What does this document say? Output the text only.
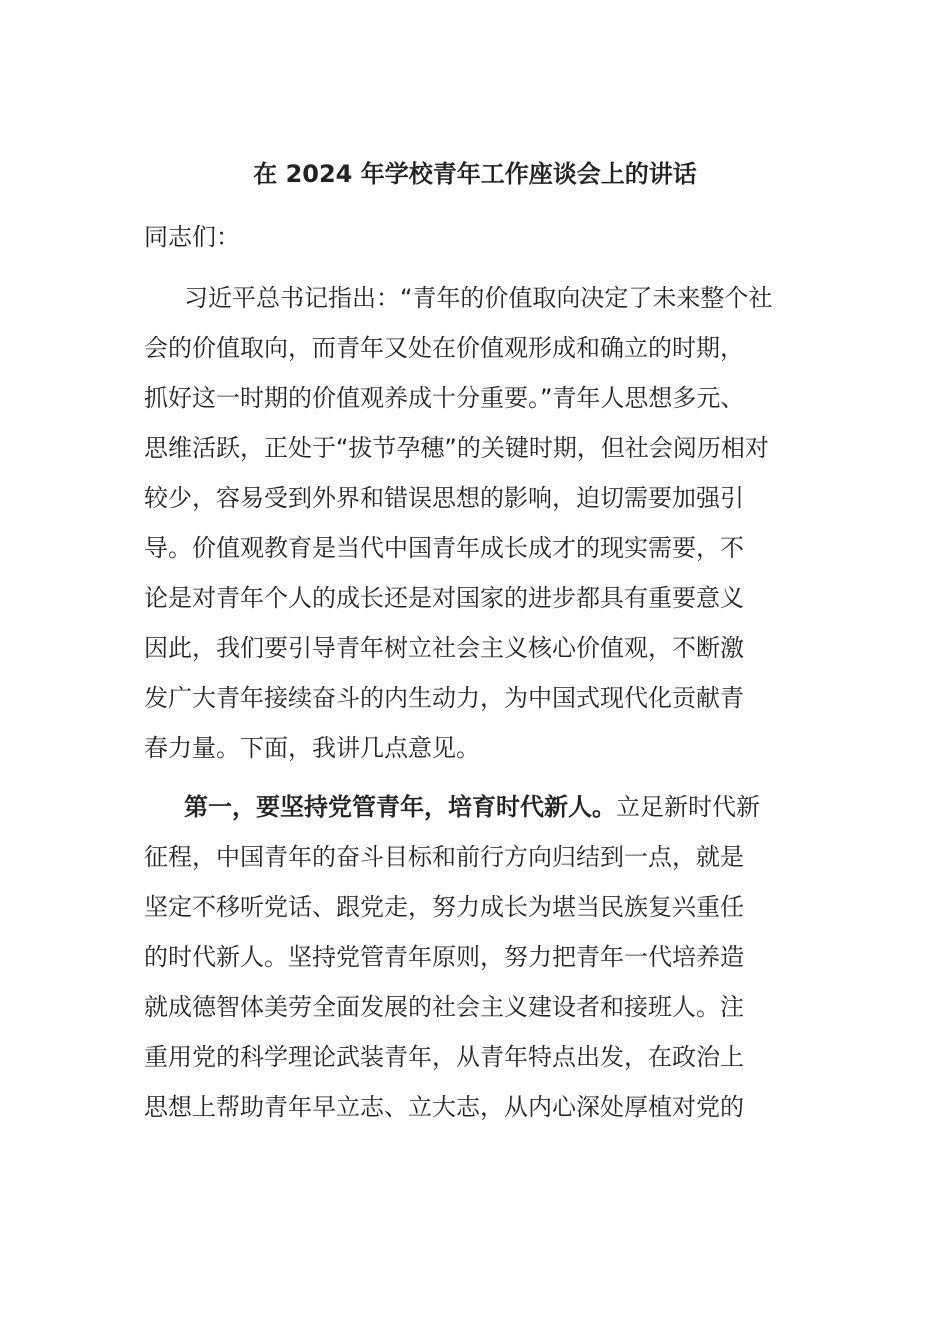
在 2024 年学校青年工作座谈会上的讲话

同志们：

习近平总书记指出：“青年的价值取向决定了未来整个社
会的价值取向，而青年又处在价值观形成和确立的时期，
抓好这一时期的价值观养成十分重要。”青年人思想多元、
思维活跃，正处于“拔节孕穗”的关键时期，但社会阅历相对
较少，容易受到外界和错误思想的影响，迫切需要加强引
导。价值观教育是当代中国青年成长成才的现实需要，不
论是对青年个人的成长还是对国家的进步都具有重要意义
因此，我们要引导青年树立社会主义核心价值观，不断激
发广大青年接续奋斗的内生动力，为中国式现代化贡献青
春力量。下面，我讲几点意见。
第一，要坚持党管青年，培育时代新人。立足新时代新
征程，中国青年的奋斗目标和前行方向归结到一点，就是
坚定不移听党话、跟党走，努力成长为堪当民族复兴重任
的时代新人。坚持党管青年原则，努力把青年一代培养造
就成德智体美劳全面发展的社会主义建设者和接班人。注
重用党的科学理论武装青年，从青年特点出发，在政治上
思想上帮助青年早立志、立大志，从内心深处厚植对党的
